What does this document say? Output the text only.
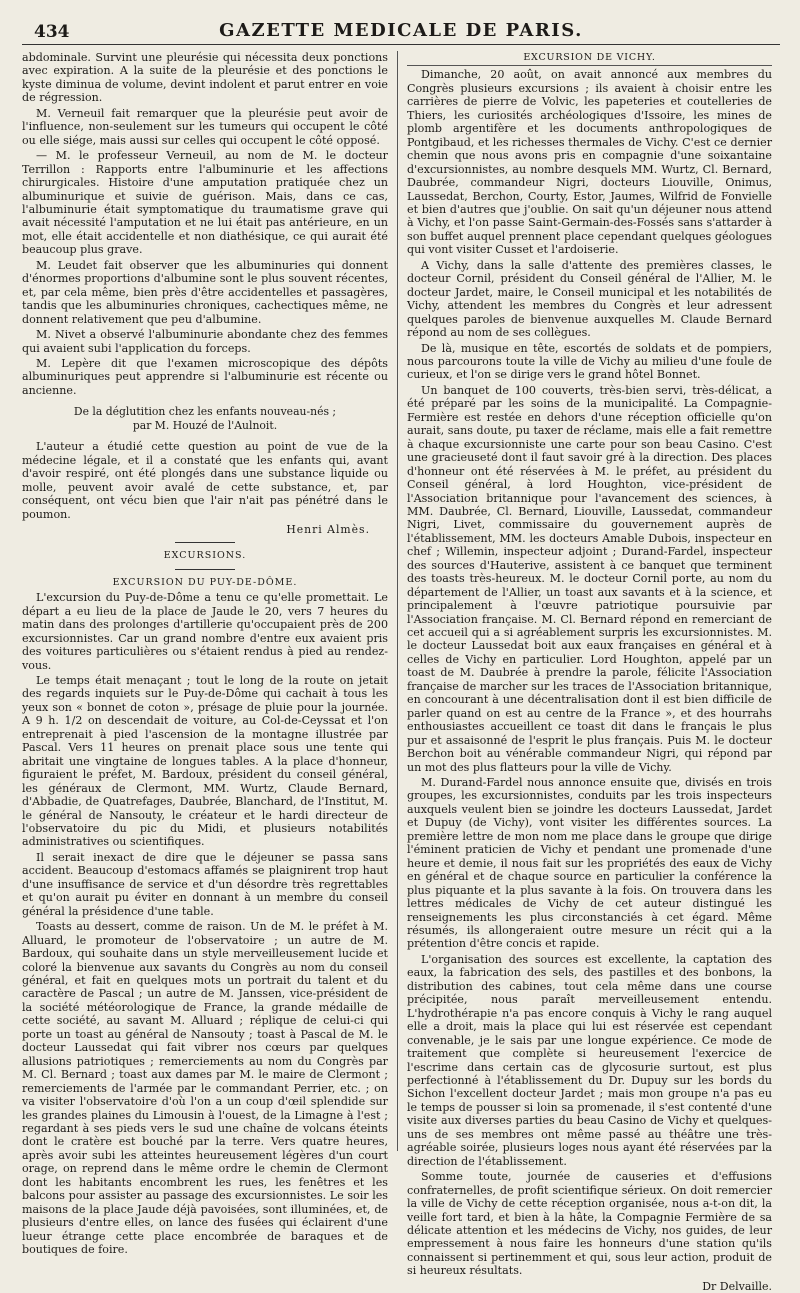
434	GAZETTE MEDICALE DE PARIS.

abdominale. Survint une pleurésie qui nécessita deux ponctions avec expiration. A la suite de la pleurésie et des ponctions le kyste diminua de volume, devint indolent et parut entrer en voie de régression.

M. Verneuil fait remarquer que la pleurésie peut avoir de l'influence, non-seulement sur les tumeurs qui occupent le côté ou elle siége, mais aussi sur celles qui occupent le côté opposé.

— M. le professeur Verneuil, au nom de M. le docteur Terrillon : Rapports entre l'albuminurie et les affections chirurgicales. Histoire d'une amputation pratiquée chez un albuminurique et suivie de guérison. Mais, dans ce cas, l'albuminurie était symptomatique du traumatisme grave qui avait nécessité l'amputation et ne lui était pas antérieure, en un mot, elle était accidentelle et non diathésique, ce qui aurait été beaucoup plus grave.

M. Leudet fait observer que les albuminuries qui donnent d'énormes proportions d'albumine sont le plus souvent récentes, et, par cela même, bien près d'être accidentelles et passagères, tandis que les albuminuries chroniques, cachectiques même, ne donnent relativement que peu d'albumine.

M. Nivet a observé l'albuminurie abondante chez des femmes qui avaient subi l'application du forceps.

M. Lepère dit que l'examen microscopique des dépôts albuminuriques peut apprendre si l'albuminurie est récente ou ancienne.

De la déglutition chez les enfants nouveau-nés ;
par M. Houzé de l'Aulnoit.

L'auteur a étudié cette question au point de vue de la médecine légale, et il a constaté que les enfants qui, avant d'avoir respiré, ont été plongés dans une substance liquide ou molle, peuvent avoir avalé de cette substance, et, par conséquent, ont vécu bien que l'air n'ait pas pénétré dans le poumon.

Henri Almès.
EXCURSIONS.
EXCURSION DU PUY-DE-DÔME.

L'excursion du Puy-de-Dôme a tenu ce qu'elle promettait. Le départ a eu lieu de la place de Jaude le 20, vers 7 heures du matin dans des prolonges d'artillerie qu'occupaient près de 200 excursionnistes. Car un grand nombre d'entre eux avaient pris des voitures particulières ou s'étaient rendus à pied au rendez-vous.

Le temps était menaçant ; tout le long de la route on jetait des regards inquiets sur le Puy-de-Dôme qui cachait à tous les yeux son « bonnet de coton », présage de pluie pour la journée. A 9 h. 1/2 on descendait de voiture, au Col-de-Ceyssat et l'on entreprenait à pied l'ascension de la montagne illustrée par Pascal. Vers 11 heures on prenait place sous une tente qui abritait une vingtaine de longues tables. A la place d'honneur, figuraient le préfet, M. Bardoux, président du conseil général, les généraux de Clermont, MM. Wurtz, Claude Bernard, d'Abbadie, de Quatrefages, Daubrée, Blanchard, de l'Institut, M. le général de Nansouty, le créateur et le hardi directeur de l'observatoire du pic du Midi, et plusieurs notabilités administratives ou scientifiques.

Il serait inexact de dire que le déjeuner se passa sans accident. Beaucoup d'estomacs affamés se plaignirent trop haut d'une insuffisance de service et d'un désordre très regrettables et qu'on aurait pu éviter en donnant à un membre du conseil général la présidence d'une table.

Toasts au dessert, comme de raison. Un de M. le préfet à M. Alluard, le promoteur de l'observatoire ; un autre de M. Bardoux, qui souhaite dans un style merveilleusement lucide et coloré la bienvenue aux savants du Congrès au nom du conseil général, et fait en quelques mots un portrait du talent et du caractère de Pascal ; un autre de M. Janssen, vice-président de la société météorologique de France, la grande médaille de cette société, au savant M. Alluard ; réplique de celui-ci qui porte un toast au général de Nansouty ; toast à Pascal de M. le docteur Laussedat qui fait vibrer nos cœurs par quelques allusions patriotiques ; remerciements au nom du Congrès par M. Cl. Bernard ; toast aux dames par M. le maire de Clermont ; remerciements de l'armée par le commandant Perrier, etc. ; on va visiter l'observatoire d'où l'on a un coup d'œil splendide sur les grandes plaines du Limousin à l'ouest, de la Limagne à l'est ; regardant à ses pieds vers le sud une chaîne de volcans éteints dont le cratère est bouché par la terre. Vers quatre heures, après avoir subi les atteintes heureusement légères d'un court orage, on reprend dans le même ordre le chemin de Clermont dont les habitants encombrent les rues, les fenêtres et les balcons pour assister au passage des excursionnistes. Le soir les maisons de la place Jaude déjà pavoisées, sont illuminées, et, de plusieurs d'entre elles, on lance des fusées qui éclairent d'une lueur étrange cette place encombrée de baraques et de boutiques de foire.

EXCURSION DE VICHY.

Dimanche, 20 août, on avait annoncé aux membres du Congrès plusieurs excursions ; ils avaient à choisir entre les carrières de pierre de Volvic, les papeteries et coutelleries de Thiers, les curiosités archéologiques d'Issoire, les mines de plomb argentifère et les documents anthropologiques de Pontgibaud, et les richesses thermales de Vichy. C'est ce dernier chemin que nous avons pris en compagnie d'une soixantaine d'excursionnistes, au nombre desquels MM. Wurtz, Cl. Bernard, Daubrée, commandeur Nigri, docteurs Liouville, Onimus, Laussedat, Berchon, Courty, Estor, Jaumes, Wilfrid de Fonvielle et bien d'autres que j'oublie. On sait qu'un déjeuner nous attend à Vichy, et l'on passe Saint-Germain-des-Fossés sans s'attarder à son buffet auquel prennent place cependant quelques géologues qui vont visiter Cusset et l'ardoiserie.

A Vichy, dans la salle d'attente des premières classes, le docteur Cornil, président du Conseil général de l'Allier, M. le docteur Jardet, maire, le Conseil municipal et les notabilités de Vichy, attendent les membres du Congrès et leur adressent quelques paroles de bienvenue auxquelles M. Claude Bernard répond au nom de ses collègues.

De là, musique en tête, escortés de soldats et de pompiers, nous parcourons toute la ville de Vichy au milieu d'une foule de curieux, et l'on se dirige vers le grand hôtel Bonnet.

Un banquet de 100 couverts, très-bien servi, très-délicat, a été préparé par les soins de la municipalité. La Compagnie-Fermière est restée en dehors d'une réception officielle qu'on aurait, sans doute, pu taxer de réclame, mais elle a fait remettre à chaque excursionniste une carte pour son beau Casino. C'est une gracieuseté dont il faut savoir gré à la direction. Des places d'honneur ont été réservées à M. le préfet, au président du Conseil général, à lord Houghton, vice-président de l'Association britannique pour l'avancement des sciences, à MM. Daubrée, Cl. Bernard, Liouville, Laussedat, commandeur Nigri, Livet, commissaire du gouvernement auprès de l'établissement, MM. les docteurs Amable Dubois, inspecteur en chef ; Willemin, inspecteur adjoint ; Durand-Fardel, inspecteur des sources d'Hauterive, assistent à ce banquet que terminent des toasts très-heureux. M. le docteur Cornil porte, au nom du département de l'Allier, un toast aux savants et à la science, et principalement à l'œuvre patriotique poursuivie par l'Association française. M. Cl. Bernard répond en remerciant de cet accueil qui a si agréablement surpris les excursionnistes. M. le docteur Laussedat boit aux eaux françaises en général et à celles de Vichy en particulier. Lord Houghton, appelé par un toast de M. Daubrée à prendre la parole, félicite l'Association française de marcher sur les traces de l'Association britannique, en concourant à une décentralisation dont il est bien difficile de parler quand on est au centre de la France », et des hourrahs enthousiastes accueillent ce toast dit dans le français le plus pur et assaisonné de l'esprit le plus français. Puis M. le docteur Berchon boit au vénérable commandeur Nigri, qui répond par un mot des plus flatteurs pour la ville de Vichy.

M. Durand-Fardel nous annonce ensuite que, divisés en trois groupes, les excursionnistes, conduits par les trois inspecteurs auxquels veulent bien se joindre les docteurs Laussedat, Jardet et Dupuy (de Vichy), vont visiter les différentes sources. La première lettre de mon nom me place dans le groupe que dirige l'éminent praticien de Vichy et pendant une promenade d'une heure et demie, il nous fait sur les propriétés des eaux de Vichy en général et de chaque source en particulier la conférence la plus piquante et la plus savante à la fois. On trouvera dans les lettres médicales de Vichy de cet auteur distingué les renseignements les plus circonstanciés à cet égard. Même résumés, ils allongeraient outre mesure un récit qui a la prétention d'être concis et rapide.

L'organisation des sources est excellente, la captation des eaux, la fabrication des sels, des pastilles et des bonbons, la distribution des cabines, tout cela même dans une course précipitée, nous paraît merveilleusement entendu. L'hydrothérapie n'a pas encore conquis à Vichy le rang auquel elle a droit, mais la place qui lui est réservée est cependant convenable, je le sais par une longue expérience. Ce mode de traitement que complète si heureusement l'exercice de l'escrime dans certain cas de glycosurie surtout, est plus perfectionné à l'établissement du Dr. Dupuy sur les bords du Sichon l'excellent docteur Jardet ; mais mon groupe n'a pas eu le temps de pousser si loin sa promenade, il s'est contenté d'une visite aux diverses parties du beau Casino de Vichy et quelques-uns de ses membres ont même passé au théâtre une très-agréable soirée, plusieurs loges nous ayant été réservées par la direction de l'établissement.

Somme toute, journée de causeries et d'effusions confraternelles, de profit scientifique sérieux. On doit remercier la ville de Vichy de cette réception organisée, nous a-t-on dit, la veille fort tard, et bien à la hâte, la Compagnie Fermière de sa délicate attention et les médecins de Vichy, nos guides, de leur empressement à nous faire les honneurs d'une station qu'ils connaissent si pertinemment et qui, sous leur action, produit de si heureux résultats.

Dr Delvaille.
